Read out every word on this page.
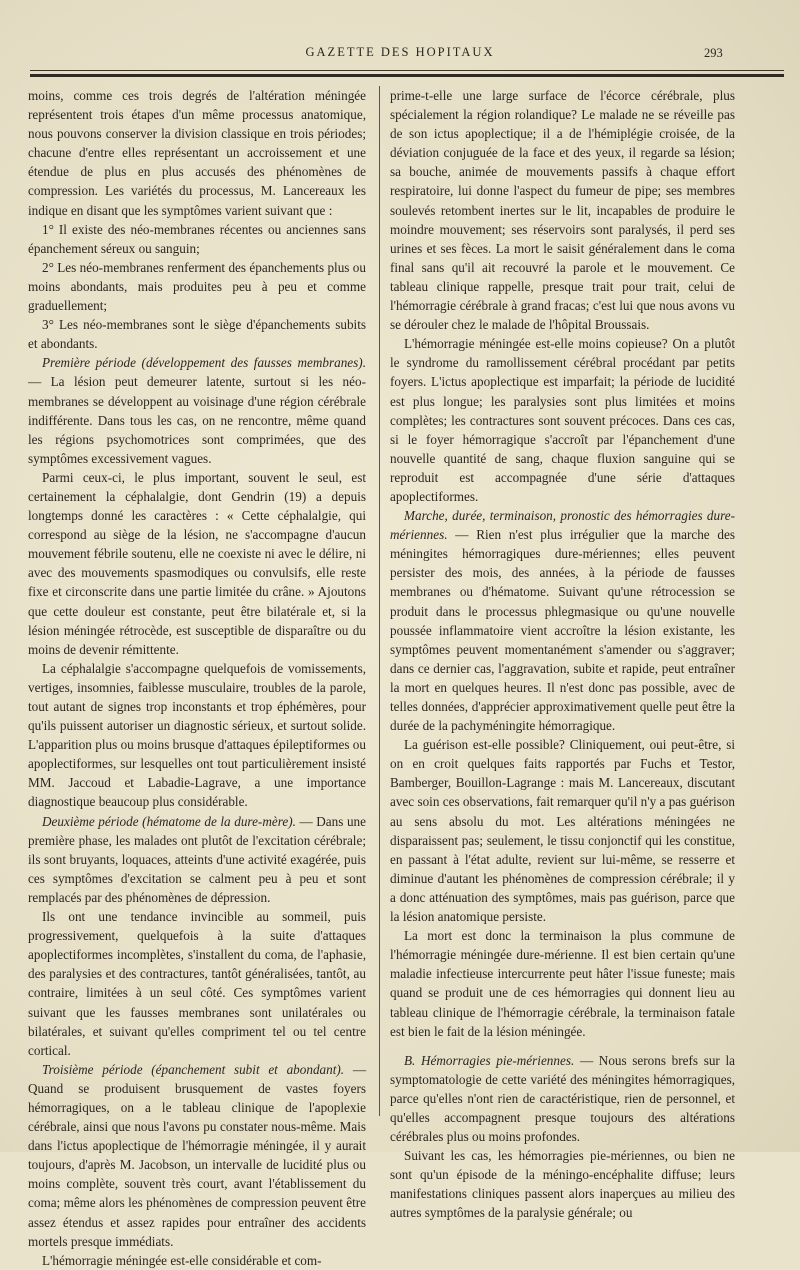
GAZETTE DES HOPITAUX	293

moins, comme ces trois degrés de l'altération méningée représentent trois étapes d'un même processus anatomique, nous pouvons conserver la division classique en trois périodes; chacune d'entre elles représentant un accroissement et une étendue de plus en plus accusés des phénomènes de compression. Les variétés du processus, M. Lancereaux les indique en disant que les symptômes varient suivant que :

1° Il existe des néo-membranes récentes ou anciennes sans épanchement séreux ou sanguin;

2° Les néo-membranes renferment des épanchements plus ou moins abondants, mais produites peu à peu et comme graduellement;

3° Les néo-membranes sont le siège d'épanchements subits et abondants.

Première période (développement des fausses membranes). — La lésion peut demeurer latente, surtout si les néo-membranes se développent au voisinage d'une région cérébrale indifférente. Dans tous les cas, on ne rencontre, même quand les régions psychomotrices sont comprimées, que des symptômes excessivement vagues.

Parmi ceux-ci, le plus important, souvent le seul, est certainement la céphalalgie, dont Gendrin (19) a depuis longtemps donné les caractères : « Cette céphalalgie, qui correspond au siège de la lésion, ne s'accompagne d'aucun mouvement fébrile soutenu, elle ne coexiste ni avec le délire, ni avec des mouvements spasmodiques ou convulsifs, elle reste fixe et circonscrite dans une partie limitée du crâne. » Ajoutons que cette douleur est constante, peut être bilatérale et, si la lésion méningée rétrocède, est susceptible de disparaître ou du moins de devenir rémittente.

La céphalalgie s'accompagne quelquefois de vomissements, vertiges, insomnies, faiblesse musculaire, troubles de la parole, tout autant de signes trop inconstants et trop éphémères, pour qu'ils puissent autoriser un diagnostic sérieux, et surtout solide. L'apparition plus ou moins brusque d'attaques épileptiformes ou apoplectiformes, sur lesquelles ont tout particulièrement insisté MM. Jaccoud et Labadie-Lagrave, a une importance diagnostique beaucoup plus considérable.

Deuxième période (hématome de la dure-mère). — Dans une première phase, les malades ont plutôt de l'excitation cérébrale; ils sont bruyants, loquaces, atteints d'une activité exagérée, puis ces symptômes d'excitation se calment peu à peu et sont remplacés par des phénomènes de dépression.

Ils ont une tendance invincible au sommeil, puis progressivement, quelquefois à la suite d'attaques apoplectiformes incomplètes, s'installent du coma, de l'aphasie, des paralysies et des contractures, tantôt généralisées, tantôt, au contraire, limitées à un seul côté. Ces symptômes varient suivant que les fausses membranes sont unilatérales ou bilatérales, et suivant qu'elles compriment tel ou tel centre cortical.

Troisième période (épanchement subit et abondant). — Quand se produisent brusquement de vastes foyers hémorragiques, on a le tableau clinique de l'apoplexie cérébrale, ainsi que nous l'avons pu constater nous-même. Mais dans l'ictus apoplectique de l'hémorragie méningée, il y aurait toujours, d'après M. Jacobson, un intervalle de lucidité plus ou moins complète, souvent très court, avant l'établissement du coma; même alors les phénomènes de compression peuvent être assez étendus et assez rapides pour entraîner des accidents mortels presque immédiats.

L'hémorragie méningée est-elle considérable et com-

prime-t-elle une large surface de l'écorce cérébrale, plus spécialement la région rolandique? Le malade ne se réveille pas de son ictus apoplectique; il a de l'hémiplégie croisée, de la déviation conjuguée de la face et des yeux, il regarde sa lésion; sa bouche, animée de mouvements passifs à chaque effort respiratoire, lui donne l'aspect du fumeur de pipe; ses membres soulevés retombent inertes sur le lit, incapables de produire le moindre mouvement; ses réservoirs sont paralysés, il perd ses urines et ses fèces. La mort le saisit généralement dans le coma final sans qu'il ait recouvré la parole et le mouvement. Ce tableau clinique rappelle, presque trait pour trait, celui de l'hémorragie cérébrale à grand fracas; c'est lui que nous avons vu se dérouler chez le malade de l'hôpital Broussais.

L'hémorragie méningée est-elle moins copieuse? On a plutôt le syndrome du ramollissement cérébral procédant par petits foyers. L'ictus apoplectique est imparfait; la période de lucidité est plus longue; les paralysies sont plus limitées et moins complètes; les contractures sont souvent précoces. Dans ces cas, si le foyer hémorragique s'accroît par l'épanchement d'une nouvelle quantité de sang, chaque fluxion sanguine qui se reproduit est accompagnée d'une série d'attaques apoplectiformes.

Marche, durée, terminaison, pronostic des hémorragies dure-mériennes. — Rien n'est plus irrégulier que la marche des méningites hémorragiques dure-mériennes; elles peuvent persister des mois, des années, à la période de fausses membranes ou d'hématome. Suivant qu'une rétrocession se produit dans le processus phlegmasique ou qu'une nouvelle poussée inflammatoire vient accroître la lésion existante, les symptômes peuvent momentanément s'amender ou s'aggraver; dans ce dernier cas, l'aggravation, subite et rapide, peut entraîner la mort en quelques heures. Il n'est donc pas possible, avec de telles données, d'apprécier approximativement quelle peut être la durée de la pachyméningite hémorragique.

La guérison est-elle possible? Cliniquement, oui peut-être, si on en croit quelques faits rapportés par Fuchs et Testor, Bamberger, Bouillon-Lagrange : mais M. Lancereaux, discutant avec soin ces observations, fait remarquer qu'il n'y a pas guérison au sens absolu du mot. Les altérations méningées ne disparaissent pas; seulement, le tissu conjonctif qui les constitue, en passant à l'état adulte, revient sur lui-même, se resserre et diminue d'autant les phénomènes de compression cérébrale; il y a donc atténuation des symptômes, mais pas guérison, parce que la lésion anatomique persiste.

La mort est donc la terminaison la plus commune de l'hémorragie méningée dure-mérienne. Il est bien certain qu'une maladie infectieuse intercurrente peut hâter l'issue funeste; mais quand se produit une de ces hémorragies qui donnent lieu au tableau clinique de l'hémorragie cérébrale, la terminaison fatale est bien le fait de la lésion méningée.

B. Hémorragies pie-mériennes. — Nous serons brefs sur la symptomatologie de cette variété des méningites hémorragiques, parce qu'elles n'ont rien de caractéristique, rien de personnel, et qu'elles accompagnent presque toujours des altérations cérébrales plus ou moins profondes.

Suivant les cas, les hémorragies pie-mériennes, ou bien ne sont qu'un épisode de la méningo-encéphalite diffuse; leurs manifestations cliniques passent alors inaperçues au milieu des autres symptômes de la paralysie générale; ou
